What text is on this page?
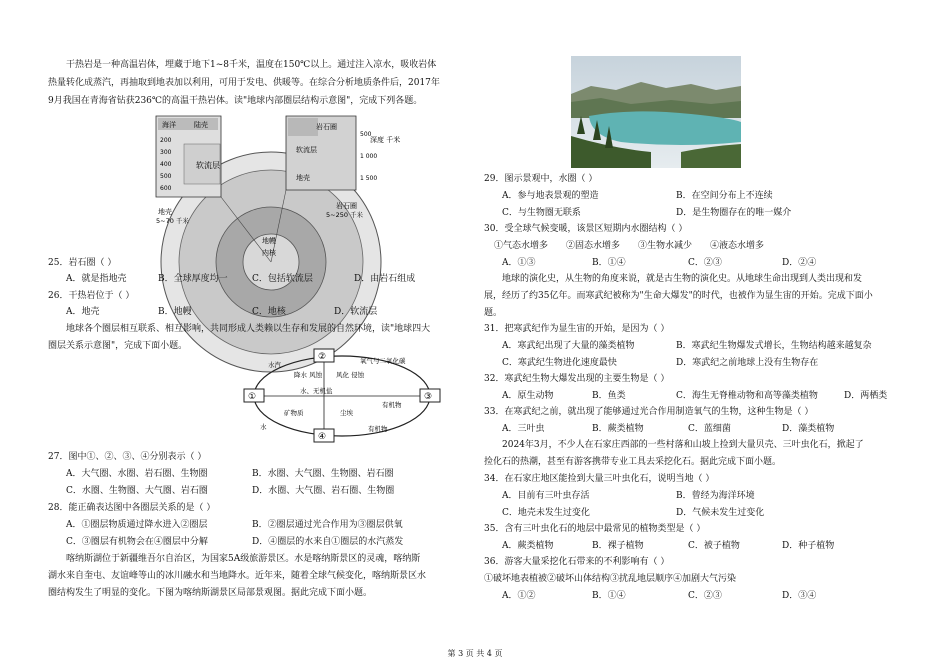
干热岩是一种高温岩体，埋藏于地下1~8千米，温度在150℃以上。通过注入凉水，吸收岩体
热量转化成蒸汽，再抽取到地表加以利用，可用于发电、供暖等。在综合分析地质条件后，2017年
9月我国在青海省钻获236℃的高温干热岩体。读"地球内部圈层结构示意图"，完成下列各题。
海洋	陆壳
软流层
岩石圈
软流层
地壳
深度 千米
200
300
400
500
600
500
1 000
1 500
地壳
5~70 千米
岩石圈
5~250 千米
地幔
内核
25．岩石圈（ ）
A．就是指地壳	B．全球厚度均一	C．包括软流层	D．由岩石组成
26．干热岩位于（ ）
A．地壳	B．地幔	C．地核	D．软流层
地球各个圈层相互联系、相互影响，共同形成人类赖以生存和发展的自然环境，读"地球四大
圈层关系示意图"，完成下面小题。
②
①	③
④
水汽	氧气与二氧化碳
降水 风蚀 风化 侵蚀
水、无机盐
有机物
矿物质	尘埃
有机物
水
27．图中①、②、③、④分别表示（ ）
A．大气圈、水圈、岩石圈、生物圈	B．水圈、大气圈、生物圈、岩石圈
C．水圈、生物圈、大气圈、岩石圈	D．水圈、大气圈、岩石圈、生物圈
28．能正确表达图中各圈层关系的是（ ）
A．①圈层物质通过降水进入②圈层	B．②圈层通过光合作用为③圈层供氧
C．③圈层有机物会在④圈层中分解	D．④圈层的水来自①圈层的水汽蒸发
喀纳斯湖位于新疆维吾尔自治区，为国家5A级旅游景区。水是喀纳斯景区的灵魂，喀纳斯
湖水来自奎屯、友谊峰等山的冰川融水和当地降水。近年来，随着全球气候变化，喀纳斯景区水
圈结构发生了明显的变化。下图为喀纳斯湖景区局部景观图。据此完成下面小题。
29．图示景观中，水圈（ ）
A．参与地表景观的塑造	B．在空间分布上不连续
C．与生物圈无联系	D．是生物圈存在的唯一媒介
30．受全球气候变暖，该景区短期内水圈结构（ ）
①气态水增多　　②固态水增多　　③生物水减少　　④液态水增多
A．①③	B．①④	C．②③	D．②④
地球的演化史，从生物的角度来说，就是古生物的演化史。从地球生命出现到人类出现和发
展，经历了约35亿年。而寒武纪被称为"生命大爆发"的时代，也被作为显生宙的开始。完成下面小
题。
31．把寒武纪作为显生宙的开始，是因为（ ）
A．寒武纪出现了大量的藻类植物	B．寒武纪生物爆发式增长，生物结构越来越复杂
C．寒武纪生物进化速度最快	D．寒武纪之前地球上没有生物存在
32．寒武纪生物大爆发出现的主要生物是（ ）
A．原生动物	B．鱼类	C．海生无脊椎动物和高等藻类植物	D．两栖类
33．在寒武纪之前，就出现了能够通过光合作用制造氧气的生物，这种生物是（ ）
A．三叶虫	B．蕨类植物	C．蓝细菌	D．藻类植物
2024年3月，不少人在石家庄西部的一些村落和山坡上捡到大量贝壳、三叶虫化石，掀起了
捡化石的热潮，甚至有游客携带专业工具去采挖化石。据此完成下面小题。
34．在石家庄地区能捡到大量三叶虫化石，说明当地（ ）
A．目前有三叶虫存活	B．曾经为海洋环境
C．地壳未发生过变化	D．气候未发生过变化
35．含有三叶虫化石的地层中最常见的植物类型是（ ）
A．蕨类植物	B．裸子植物	C．被子植物	D．种子植物
36．游客大量采挖化石带来的不利影响有（ ）
①破坏地表植被②破坏山体结构③扰乱地层顺序④加剧大气污染
A．①②	B．①④	C．②③	D．③④
第 3 页 共 4 页
